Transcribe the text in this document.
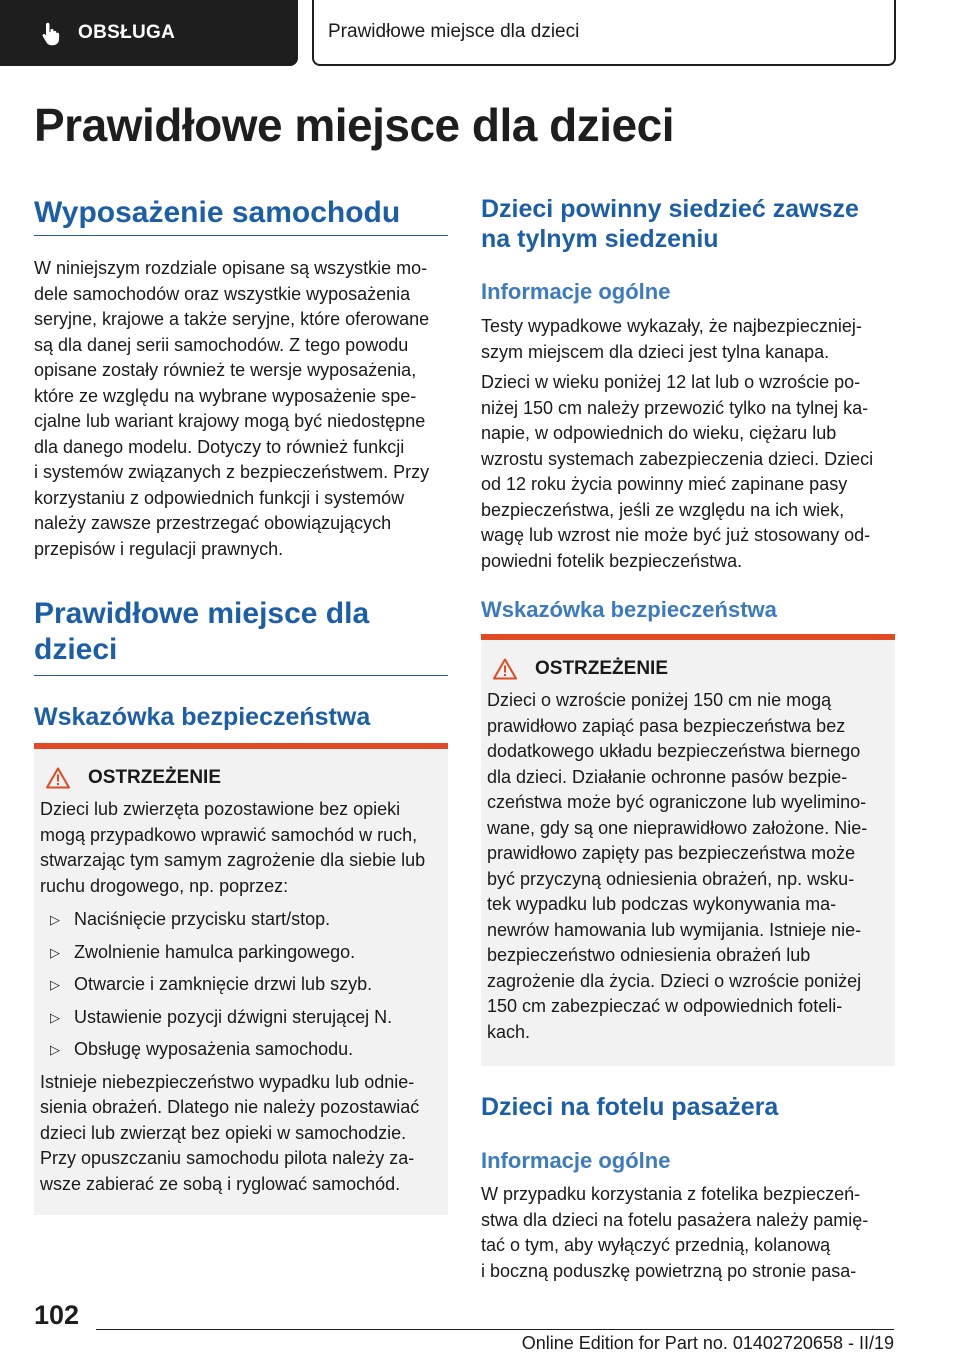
OBSŁUGA	Prawidłowe miejsce dla dzieci
Prawidłowe miejsce dla dzieci
Wyposażenie samochodu
W niniejszym rozdziale opisane są wszystkie mo-
dele samochodów oraz wszystkie wyposażenia
seryjne, krajowe a także seryjne, które oferowane
są dla danej serii samochodów. Z tego powodu
opisane zostały również te wersje wyposażenia,
które ze względu na wybrane wyposażenie spe-
cjalne lub wariant krajowy mogą być niedostępne
dla danego modelu. Dotyczy to również funkcji
i systemów związanych z bezpieczeństwem. Przy
korzystaniu z odpowiednich funkcji i systemów
należy zawsze przestrzegać obowiązujących
przepisów i regulacji prawnych.
Prawidłowe miejsce dla
dzieci
Wskazówka bezpieczeństwa
OSTRZEŻENIE
Dzieci lub zwierzęta pozostawione bez opieki
mogą przypadkowo wprawić samochód w ruch,
stwarzając tym samym zagrożenie dla siebie lub
ruchu drogowego, np. poprzez:
▷ Naciśnięcie przycisku start/stop.
▷ Zwolnienie hamulca parkingowego.
▷ Otwarcie i zamknięcie drzwi lub szyb.
▷ Ustawienie pozycji dźwigni sterującej N.
▷ Obsługę wyposażenia samochodu.
Istnieje niebezpieczeństwo wypadku lub odnie-
sienia obrażeń. Dlatego nie należy pozostawiać
dzieci lub zwierząt bez opieki w samochodzie.
Przy opuszczaniu samochodu pilota należy za-
wsze zabierać ze sobą i ryglować samochód.
Dzieci powinny siedzieć zawsze
na tylnym siedzeniu
Informacje ogólne
Testy wypadkowe wykazały, że najbezpieczniej-
szym miejscem dla dzieci jest tylna kanapa.
Dzieci w wieku poniżej 12 lat lub o wzroście po-
niżej 150 cm należy przewozić tylko na tylnej ka-
napie, w odpowiednich do wieku, ciężaru lub
wzrostu systemach zabezpieczenia dzieci. Dzieci
od 12 roku życia powinny mieć zapinane pasy
bezpieczeństwa, jeśli ze względu na ich wiek,
wagę lub wzrost nie może być już stosowany od-
powiedni fotelik bezpieczeństwa.
Wskazówka bezpieczeństwa
OSTRZEŻENIE
Dzieci o wzroście poniżej 150 cm nie mogą
prawidłowo zapiąć pasa bezpieczeństwa bez
dodatkowego układu bezpieczeństwa biernego
dla dzieci. Działanie ochronne pasów bezpie-
czeństwa może być ograniczone lub wyelimino-
wane, gdy są one nieprawidłowo założone. Nie-
prawidłowo zapięty pas bezpieczeństwa może
być przyczyną odniesienia obrażeń, np. wsku-
tek wypadku lub podczas wykonywania ma-
newrów hamowania lub wymijania. Istnieje nie-
bezpieczeństwo odniesienia obrażeń lub
zagrożenie dla życia. Dzieci o wzroście poniżej
150 cm zabezpieczać w odpowiednich foteli-
kach.
Dzieci na fotelu pasażera
Informacje ogólne
W przypadku korzystania z fotelika bezpieczeń-
stwa dla dzieci na fotelu pasażera należy pamię-
tać o tym, aby wyłączyć przednią, kolanową
i boczną poduszkę powietrzną po stronie pasa-
102
Online Edition for Part no. 01402720658 - II/19
